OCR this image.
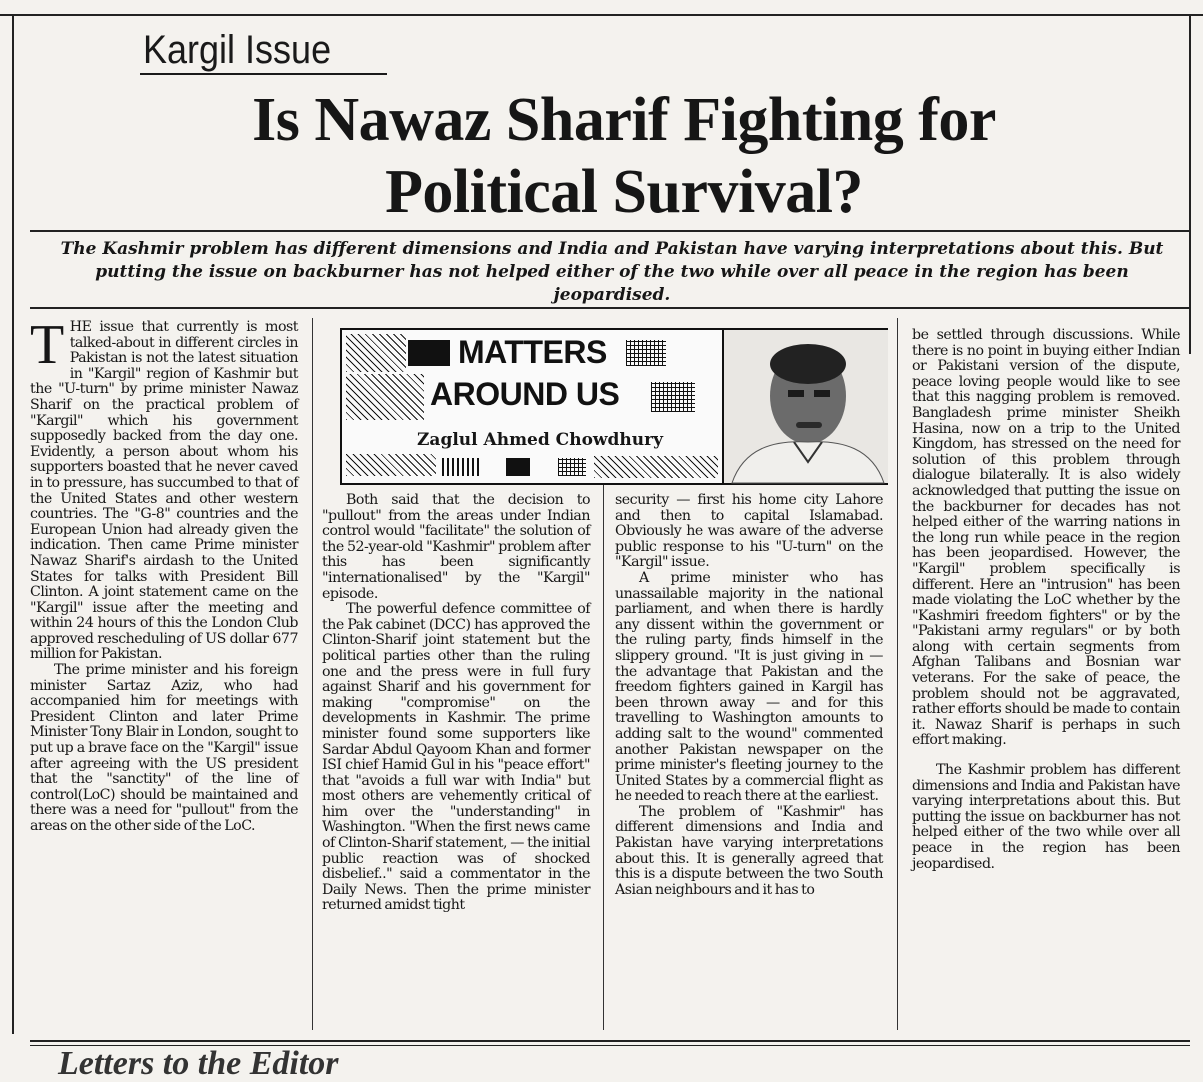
Kargil Issue
Is Nawaz Sharif Fighting for
Political Survival?

The Kashmir problem has different dimensions and India and Pakistan have varying interpretations about this. But putting the issue on backburner has not helped either of the two while over all peace in the region has been jeopardised.

T HE issue that currently is most talked-about in different circles in Pakistan is not the latest situation in "Kargil" region of Kashmir but the "U-turn" by prime minister Nawaz Sharif on the practical problem of "Kargil" which his government supposedly backed from the day one. Evidently, a person about whom his supporters boasted that he never caved in to pressure, has succumbed to that of the United States and other western countries. The "G-8" countries and the European Union had already given the indication. Then came Prime minister Nawaz Sharif's airdash to the United States for talks with President Bill Clinton. A joint statement came on the "Kargil" issue after the meeting and within 24 hours of this the London Club approved rescheduling of US dollar 677 million for Pakistan.

The prime minister and his foreign minister Sartaz Aziz, who had accompanied him for meetings with President Clinton and later Prime Minister Tony Blair in London, sought to put up a brave face on the "Kargil" issue after agreeing with the US president that the "sanctity" of the line of control(LoC) should be maintained and there was a need for "pullout" from the areas on the other side of the LoC.

MATTERS
AROUND US
Zaglul Ahmed Chowdhury

Both said that the decision to "pullout" from the areas under Indian control would "facilitate" the solution of the 52-year-old "Kashmir" problem after this has been significantly "internationalised" by the "Kargil" episode.

The powerful defence committee of the Pak cabinet (DCC) has approved the Clinton-Sharif joint statement but the political parties other than the ruling one and the press were in full fury against Sharif and his government for making "compromise" on the developments in Kashmir. The prime minister found some supporters like Sardar Abdul Qayoom Khan and former ISI chief Hamid Gul in his "peace effort" that "avoids a full war with India" but most others are vehemently critical of him over the "understanding" in Washington. "When the first news came of Clinton-Sharif statement, — the initial public reaction was of shocked disbelief.." said a commentator in the Daily News. Then the prime minister returned amidst tight

security — first his home city Lahore and then to capital Islamabad. Obviously he was aware of the adverse public response to his "U-turn" on the "Kargil" issue.

A prime minister who has unassailable majority in the national parliament, and when there is hardly any dissent within the government or the ruling party, finds himself in the slippery ground. "It is just giving in — the advantage that Pakistan and the freedom fighters gained in Kargil has been thrown away — and for this travelling to Washington amounts to adding salt to the wound" commented another Pakistan newspaper on the prime minister's fleeting journey to the United States by a commercial flight as he needed to reach there at the earliest.

The problem of "Kashmir" has different dimensions and India and Pakistan have varying interpretations about this. It is generally agreed that this is a dispute between the two South Asian neighbours and it has to

be settled through discussions. While there is no point in buying either Indian or Pakistani version of the dispute, peace loving people would like to see that this nagging problem is removed. Bangladesh prime minister Sheikh Hasina, now on a trip to the United Kingdom, has stressed on the need for solution of this problem through dialogue bilaterally. It is also widely acknowledged that putting the issue on the backburner for decades has not helped either of the warring nations in the long run while peace in the region has been jeopardised. However, the "Kargil" problem specifically is different. Here an "intrusion" has been made violating the LoC whether by the "Kashmiri freedom fighters" or by the "Pakistani army regulars" or by both along with certain segments from Afghan Talibans and Bosnian war veterans. For the sake of peace, the problem should not be aggravated, rather efforts should be made to contain it. Nawaz Sharif is perhaps in such effort making.

The Kashmir problem has different dimensions and India and Pakistan have varying interpretations about this. But putting the issue on backburner has not helped either of the two while over all peace in the region has been jeopardised.

Letters to the Editor
